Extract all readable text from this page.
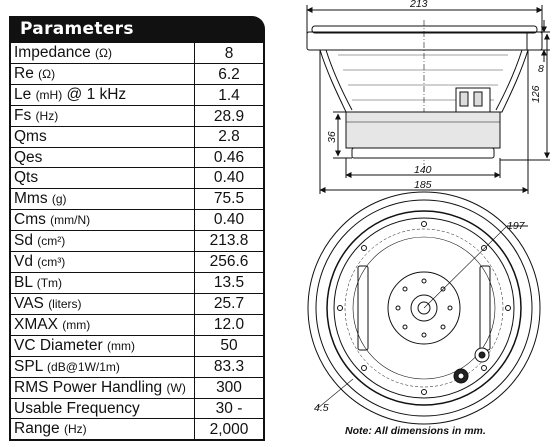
Parameters
Impedance (Ω)	8
Re (Ω)	6.2
Le (mH) @ 1 kHz	1.4
Fs (Hz)	28.9
Qms	2.8
Qes	0.46
Qts	0.40
Mms (g)	75.5
Cms (mm/N)	0.40
Sd (cm²)	213.8
Vd (cm³)	256.6
BL (Tm)	13.5
VAS (liters)	25.7
XMAX (mm)	12.0
VC Diameter (mm)	50
SPL (dB@1W/1m)	83.3
RMS Power Handling (W)	300
Usable Frequency	30 -
Range (Hz)	2,000
213
8
126
36
140
185
197
4.5
Note: All dimensions in mm.
